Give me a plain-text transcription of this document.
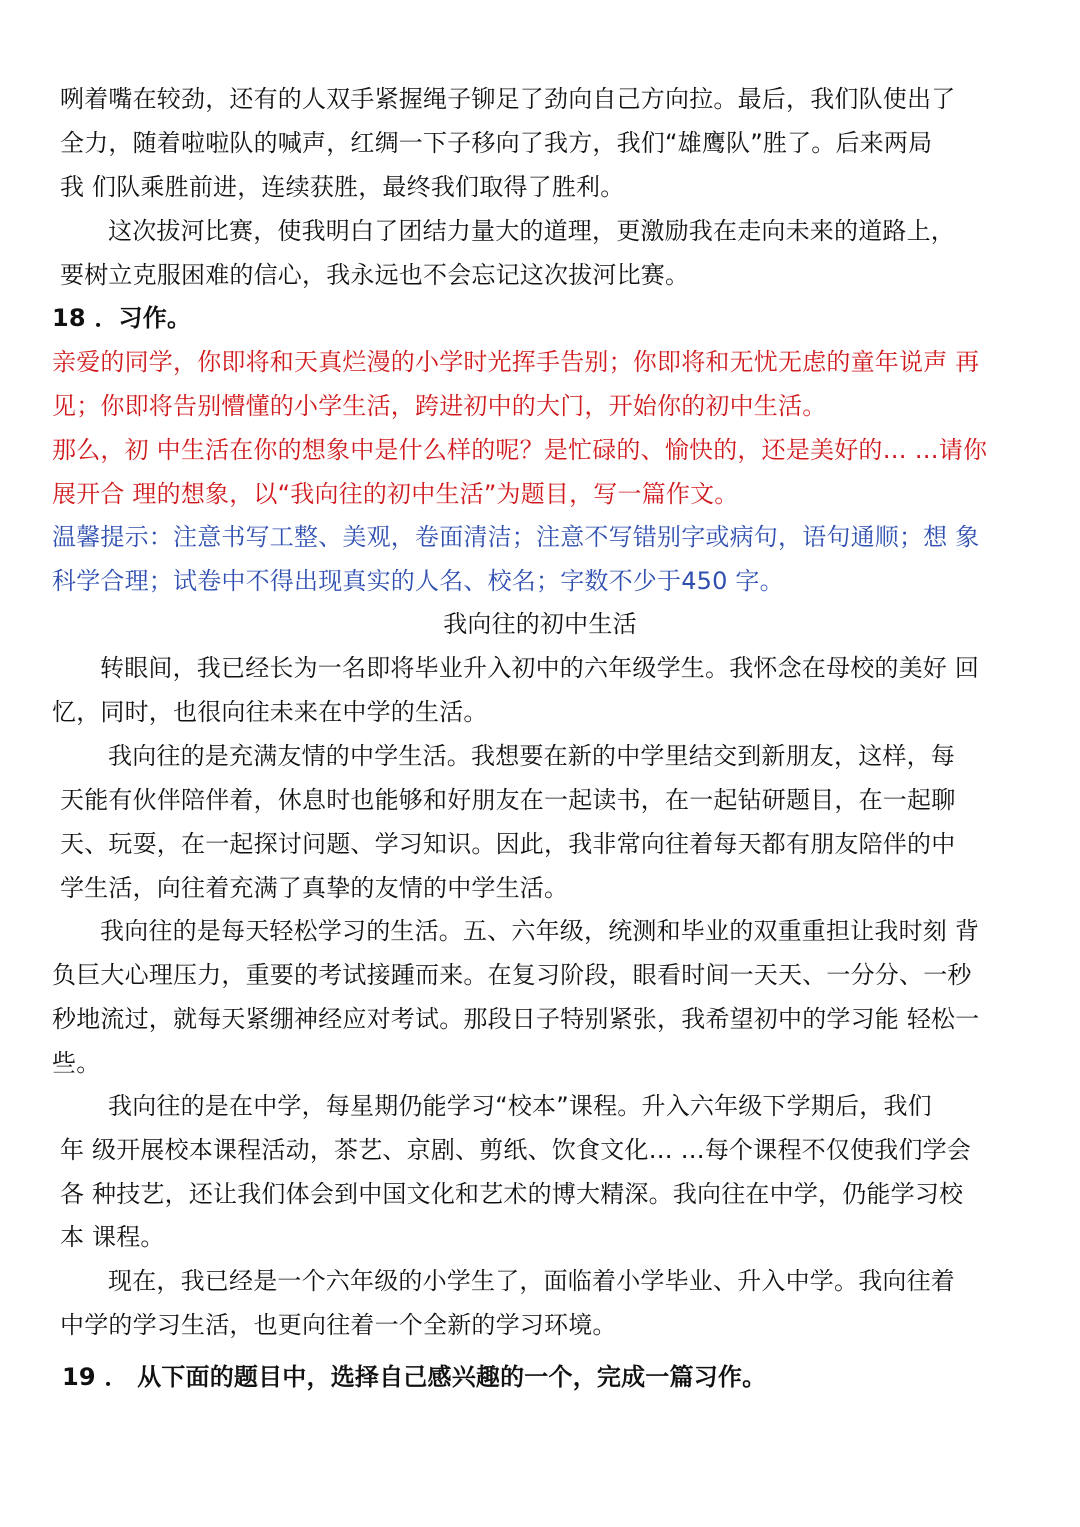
咧着嘴在较劲，还有的人双手紧握绳子铆足了劲向自己方向拉。最后，我们队使出了
全力，随着啦啦队的喊声，红绸一下子移向了我方，我们“雄鹰队”胜了。后来两局
我 们队乘胜前进，连续获胜，最终我们取得了胜利。
这次拔河比赛，使我明白了团结力量大的道理，更激励我在走向未来的道路上，
要树立克服困难的信心，我永远也不会忘记这次拔河比赛。
18 ．习作。
亲爱的同学，你即将和天真烂漫的小学时光挥手告别；你即将和无忧无虑的童年说声 再
见；你即将告别懵懂的小学生活，跨进初中的大门，开始你的初中生活。
那么，初 中生活在你的想象中是什么样的呢？是忙碌的、愉快的，还是美好的… …请你
展开合 理的想象，以“我向往的初中生活”为题目，写一篇作文。
温馨提示：注意书写工整、美观，卷面清洁；注意不写错别字或病句，语句通顺；想 象
科学合理；试卷中不得出现真实的人名、校名；字数不少于450 字。
我向往的初中生活
转眼间，我已经长为一名即将毕业升入初中的六年级学生。我怀念在母校的美好 回
忆，同时，也很向往未来在中学的生活。
我向往的是充满友情的中学生活。我想要在新的中学里结交到新朋友，这样，每
天能有伙伴陪伴着，休息时也能够和好朋友在一起读书，在一起钻研题目，在一起聊
天、玩耍，在一起探讨问题、学习知识。因此，我非常向往着每天都有朋友陪伴的中
学生活，向往着充满了真挚的友情的中学生活。
我向往的是每天轻松学习的生活。五、六年级，统测和毕业的双重重担让我时刻 背
负巨大心理压力，重要的考试接踵而来。在复习阶段，眼看时间一天天、一分分、一秒
秒地流过，就每天紧绷神经应对考试。那段日子特别紧张，我希望初中的学习能 轻松一
些。
我向往的是在中学，每星期仍能学习“校本”课程。升入六年级下学期后，我们
年 级开展校本课程活动，茶艺、京剧、剪纸、饮食文化… …每个课程不仅使我们学会
各 种技艺，还让我们体会到中国文化和艺术的博大精深。我向往在中学，仍能学习校
本 课程。
现在，我已经是一个六年级的小学生了，面临着小学毕业、升入中学。我向往着
中学的学习生活，也更向往着一个全新的学习环境。
19 ． 从下面的题目中，选择自己感兴趣的一个，完成一篇习作。
